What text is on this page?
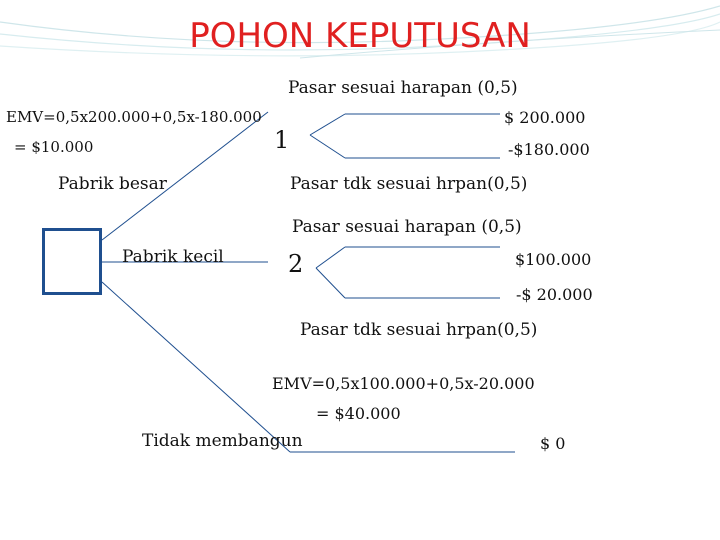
POHON KEPUTUSAN
1
EMV=0,5x200.000+0,5x-180.000
= $10.000
Pasar sesuai harapan (0,5)
Pasar tdk sesuai hrpan(0,5)
$ 200.000
-$180.000
Pabrik besar
2
Pabrik kecil
Pasar sesuai harapan (0,5)
Pasar tdk sesuai hrpan(0,5)
$100.000
-$ 20.000
EMV=0,5x100.000+0,5x-20.000
= $40.000
Tidak membangun	$ 0
